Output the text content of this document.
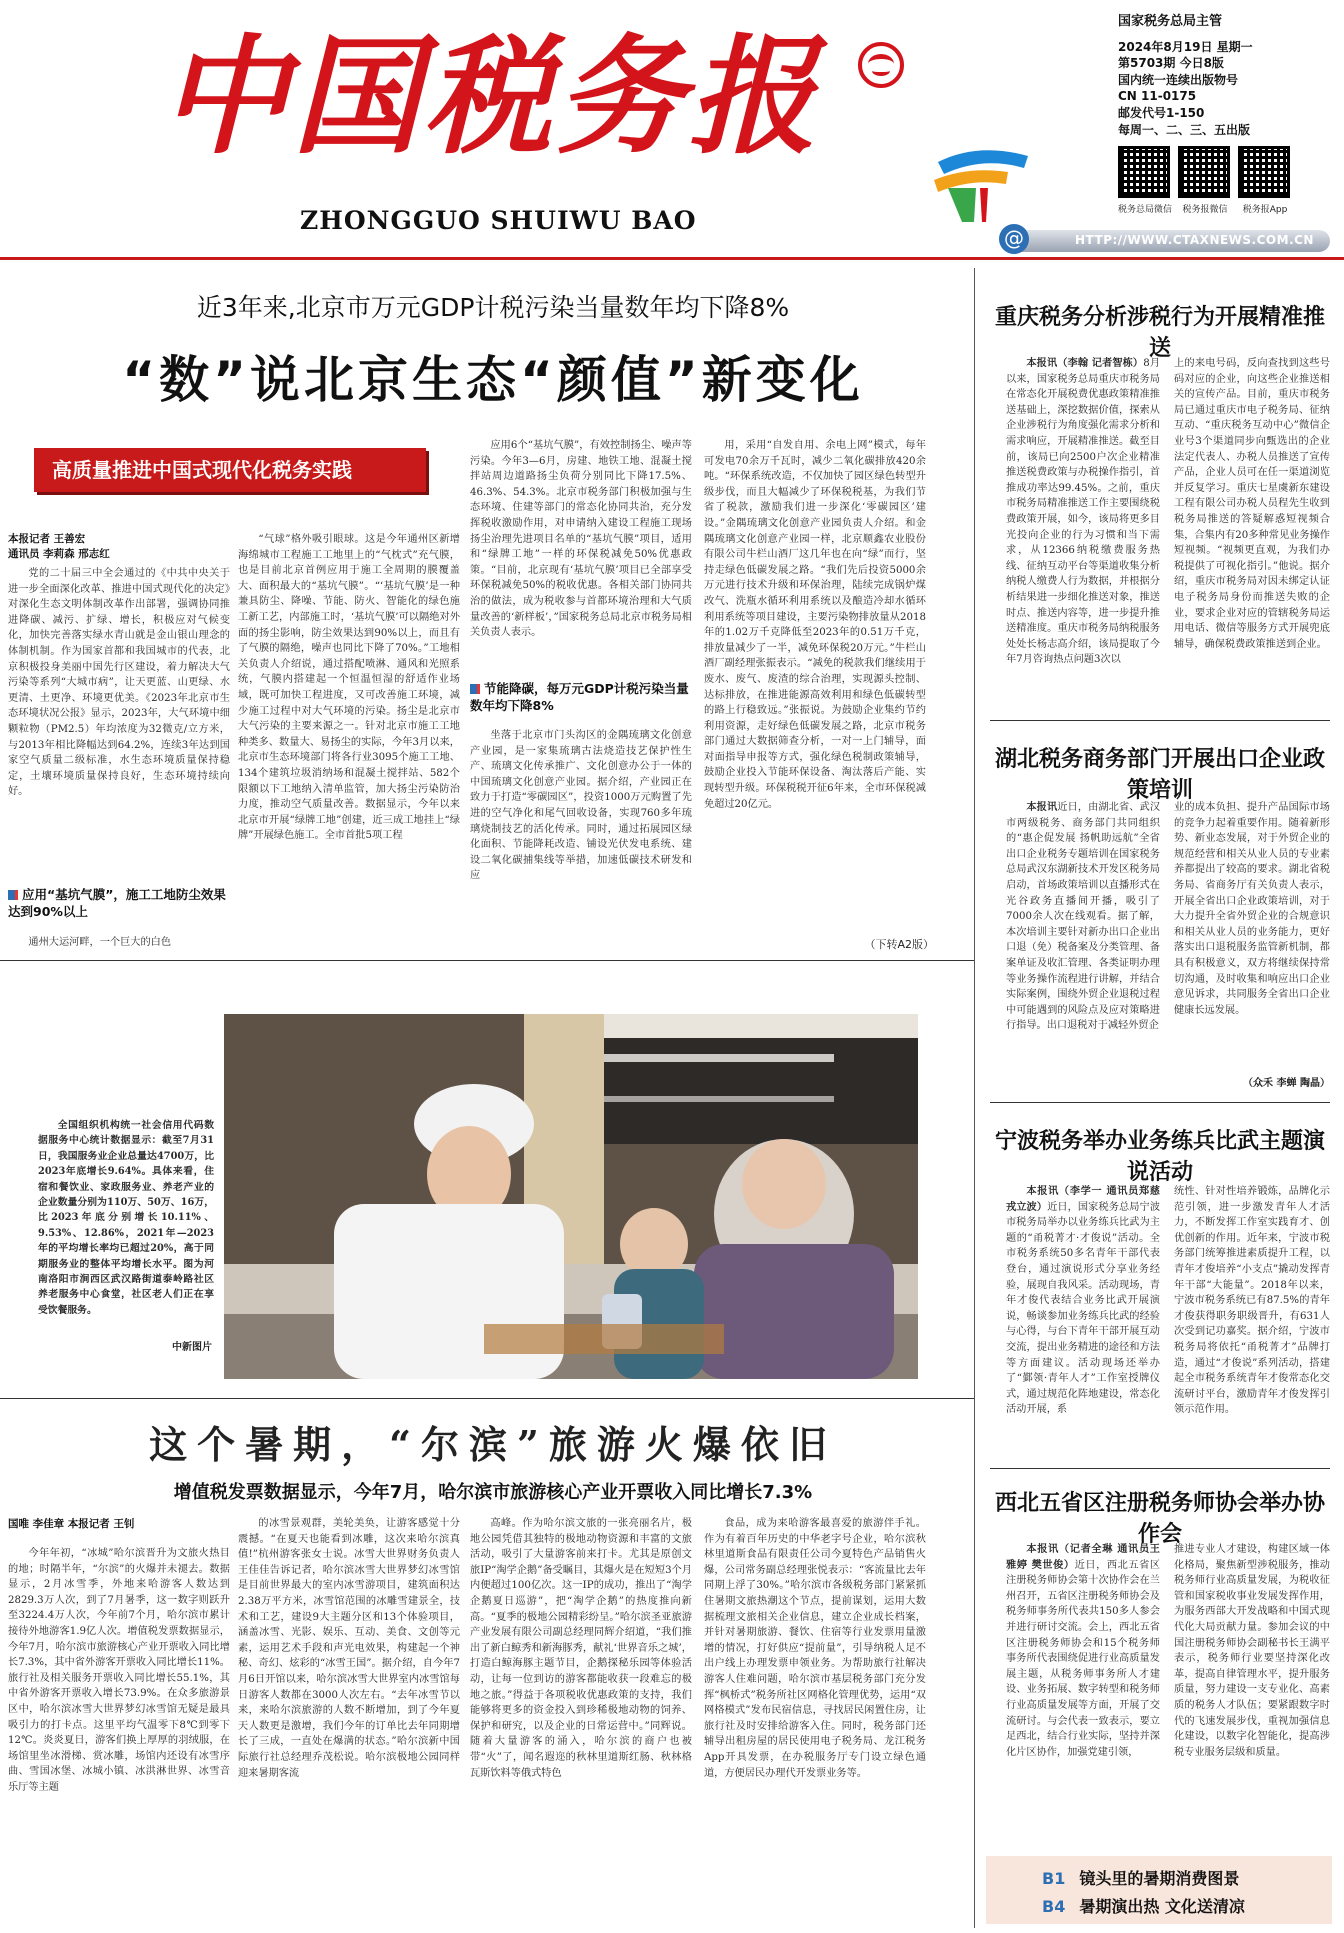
中国税务报
ZHONGGUO SHUIWU BAO
国家税务总局主管
2024年8月19日 星期一
第5703期 今日8版
国内统一连续出版物号
CN 11-0175
邮发代号1-150
每周一、二、三、五出版
税务总局微信	税务报微信	税务报App
@	HTTP://WWW.CTAXNEWS.COM.CN
近3年来,北京市万元GDP计税污染当量数年均下降8%
“数”说北京生态“颜值”新变化
高质量推进中国式现代化税务实践
本报记者 王善宏
通讯员 李莉森 邢志红
党的二十届三中全会通过的《中共中央关于进一步全面深化改革、推进中国式现代化的决定》对深化生态文明体制改革作出部署，强调协同推进降碳、减污、扩绿、增长，积极应对气候变化，加快完善落实绿水青山就是金山银山理念的体制机制。作为国家首都和我国城市的代表，北京积极投身美丽中国先行区建设，着力解决大气污染等系列“大城市病”，让天更蓝、山更绿、水更清、土更净、环境更优美。《2023年北京市生态环境状况公报》显示，2023年，大气环境中细颗粒物（PM2.5）年均浓度为32微克/立方米，与2013年相比降幅达到64.2%，连续3年达到国家空气质量二级标准，水生态环境质量保持稳定，土壤环境质量保持良好，生态环境持续向好。
应用“基坑气膜”，施工工地防尘效果达到90%以上
通州大运河畔，一个巨大的白色
“气球”格外吸引眼球。这是今年通州区新增海绵城市工程施工工地里上的“气枕式”充气膜，也是目前北京首例应用于施工全周期的膜覆盖大、面积最大的“基坑气膜”。“‘基坑气膜’是一种兼具防尘、降噪、节能、防火、智能化的绿色施工新工艺，内部施工时，‘基坑气膜’可以隔绝对外面的扬尘影响，防尘效果达到90%以上，而且有了气膜的隔绝，噪声也同比下降了70%。”工地相关负责人介绍说，通过搭配喷淋、通风和光照系统，气膜内搭建起一个恒温恒湿的舒适作业场域，既可加快工程进度，又可改善施工环境，减少施工过程中对大气环境的污染。扬尘是北京市大气污染的主要来源之一。针对北京市施工工地种类多、数量大、易扬尘的实际，今年3月以来，北京市生态环境部门将各行业3095个施工工地、134个建筑垃圾消纳场和混凝土搅拌站、582个限额以下工地纳入清单监管，加大扬尘污染防治力度，推动空气质量改善。数据显示，今年以来北京市开展“绿牌工地”创建，近三成工地挂上“绿牌”开展绿色施工。全市首批5项工程
应用6个“基坑气膜”，有效控制扬尘、噪声等污染。今年3—6月，房建、地铁工地、混凝土搅拌站周边道路扬尘负荷分别同比下降17.5%、46.3%、54.3%。北京市税务部门积极加强与生态环境、住建等部门的常态化协同共治，充分发挥税收激励作用，对申请纳入建设工程施工现场扬尘治理先进项目名单的“基坑气膜”项目，适用和“绿牌工地”一样的环保税减免50%优惠政策。“目前，北京现有‘基坑气膜’项目已全部享受环保税减免50%的税收优惠。各相关部门协同共治的做法，成为税收参与首都环境治理和大气质量改善的‘新样板’，”国家税务总局北京市税务局相关负责人表示。
节能降碳，每万元GDP计税污染当量数年均下降8%
坐落于北京市门头沟区的金隅琉璃文化创意产业园，是一家集琉璃古法烧造技艺保护性生产、琉璃文化传承推广、文化创意办公于一体的中国琉璃文化创意产业园。据介绍，产业园正在致力于打造“零碳园区”，投资1000万元购置了先进的空气净化和尾气回收设备，实现760多年琉璃烧制技艺的活化传承。同时，通过拓展园区绿化面积、节能降耗改造、铺设光伏发电系统、建设二氧化碳捕集线等举措，加速低碳技术研发和应
用，采用“自发自用、余电上网”模式，每年可发电70余万千瓦时，减少二氧化碳排放420余吨。“环保系统改造，不仅加快了园区绿色转型升级步伐，而且大幅减少了环保税税基，为我们节省了税款，激励我们进一步深化‘零碳园区’建设。”金隅琉璃文化创意产业园负责人介绍。和金隅琉璃文化创意产业园一样，北京顺鑫农业股份有限公司牛栏山酒厂这几年也在向“绿”而行，坚持走绿色低碳发展之路。“我们先后投资5000余万元进行技术升级和环保治理，陆续完成锅炉煤改气、洗瓶水循环利用系统以及酿造冷却水循环利用系统等项目建设，主要污染物排放量从2018年的1.02万千克降低至2023年的0.51万千克，排放量减少了一半，减免环保税20万元。”牛栏山酒厂副经理张振表示。“减免的税款我们继续用于废水、废气、废渣的综合治理，实现源头控制、达标排放，在推进能源高效利用和绿色低碳转型的路上行稳致远。”张振说。为鼓励企业集约节约利用资源，走好绿色低碳发展之路，北京市税务部门通过大数据筛查分析，一对一上门辅导，面对面指导申报等方式，强化绿色税制政策辅导，鼓励企业投入节能环保设备、淘汰落后产能、实现转型升级。环保税税开征6年来，全市环保税减免超过20亿元。
（下转A2版）
全国组织机构统一社会信用代码数据服务中心统计数据显示：截至7月31日，我国服务业企业总量达4700万，比2023年底增长9.64%。具体来看，住宿和餐饮业、家政服务业、养老产业的企业数量分别为110万、50万、16万，比2023年底分别增长10.11%、9.53%、12.86%，2021年—2023年的平均增长率均已超过20%，高于同期服务业的整体平均增长水平。图为河南洛阳市涧西区武汉路街道泰岭路社区养老服务中心食堂，社区老人们正在享受饮餐服务。
中新图片
这个暑期，“尔滨”旅游火爆依旧
增值税发票数据显示，今年7月，哈尔滨市旅游核心产业开票收入同比增长7.3%
国唯 李佳章 本报记者 王钊
今年年初，“冰城”哈尔滨晋升为文旅火热目的地；时隔半年，“尔滨”的火爆并未褪去。数据显示，2月冰雪季，外地来哈游客人数达到2829.3万人次，到了7月暑季，这一数字则跃升至3224.4万人次，今年前7个月，哈尔滨市累计接待外地游客1.9亿人次。增值税发票数据显示，今年7月，哈尔滨市旅游核心产业开票收入同比增长7.3%，其中省外游客开票收入同比增长11%。旅行社及相关服务开票收入同比增长55.1%，其中省外游客开票收入增长73.9%。在众多旅游景区中，哈尔滨冰雪大世界梦幻冰雪馆无疑是最具吸引力的打卡点。这里平均气温零下8℃到零下12℃。炎炎夏日，游客们换上厚厚的羽绒服，在场馆里坐冰滑梯、赏冰雕，场馆内还设有冰雪序曲、雪国冰堡、冰城小镇、冰洪淋世界、冰雪音乐厅等主题
的冰雪景观群，美轮美奂，让游客感觉十分震撼。“在夏天也能看到冰雕，这次来哈尔滨真值!”杭州游客张女士说。冰雪大世界财务负责人王佳佳告诉记者，哈尔滨冰雪大世界梦幻冰雪馆是目前世界最大的室内冰雪游项目，建筑面积达2.38万平方米，冰雪馆范围的冰雕雪建景全，技术和工艺，建设9大主题分区和13个体验项目，涵盖冰雪、光影、娱乐、互动、美食、文创等元素，运用艺术手段和声光电效果，构建起一个神秘、奇幻、炫彩的“冰雪王国”。据介绍，自今年7月6日开馆以来，哈尔滨冰雪大世界室内冰雪馆每日游客人数都在3000人次左右。“去年冰雪节以来，来哈尔滨旅游的人数不断增加，到了今年夏天人数更是激增，我们今年的订单比去年同期增长了三成，一直处在爆满的状态。”哈尔滨新中国际旅行社总经理乔茂松说。哈尔滨极地公园同样迎来暑期客流
高峰。作为哈尔滨文旅的一张亮丽名片，极地公园凭借其独特的极地动物资源和丰富的文旅活动，吸引了大量游客前来打卡。尤其是原创文旅IP“淘学企鹅”备受瞩目，其爆火是在短短3个月内便超过100亿次。这一IP的成功，推出了“淘学企鹅夏日巡游”，把“淘学企鹅”的热度推向新高。“夏季的极地公园精彩纷呈。”哈尔滨圣亚旅游产业发展有限公司副总经理同辉介绍道，“我们推出了新白鲸秀和新海豚秀，献礼‘世界音乐之城’，打造白鲸海豚主题节目，企鹅探秘乐园等体验活动，让每一位到访的游客都能收获一段难忘的极地之旅。”得益于各项税收优惠政策的支持，我们能够将更多的资金投入到珍稀极地动物的饲养、保护和研究，以及企业的日常运营中。”同辉说。随着大量游客的涌入，哈尔滨的商户也被带“火”了，闻名遐迩的秋林里道斯红肠、秋林格瓦斯饮料等俄式特色
食品，成为来哈游客最喜爱的旅游伴手礼。作为有着百年历史的中华老字号企业，哈尔滨秋林里道斯食品有限责任公司今夏特色产品销售火爆，公司常务副总经理张悦表示：“客流量比去年同期上浮了30%。”哈尔滨市各级税务部门紧紧抓住暑期文旅热潮这个节点，提前谋划，运用大数据梳理文旅相关企业信息，建立企业成长档案，并针对暑期旅游、餐饮、住宿等行业发票用量激增的情况，打好供应“提前量”，引导纳税人足不出户线上办理发票申领业务。为帮助旅行社解决游客人住难问题，哈尔滨市基层税务部门充分发挥“枫桥式”税务所社区网格化管理优势，运用“双网格模式”发布民宿信息，寻找居民闲置住房，让旅行社及时安排给游客入住。同时，税务部门还辅导出租房屋的居民使用电子税务局、龙江税务App开具发票，在办税服务厅专门设立绿色通道，方便居民办理代开发票业务等。
重庆税务分析涉税行为开展精准推送
本报讯（李翰 记者智栋）8月以来，国家税务总局重庆市税务局在常态化开展税费优惠政策精准推送基础上，深挖数据价值，探索从企业涉税行为角度强化需求分析和需求响应，开展精准推送。截至目前，该局已向2500户次企业精准推送税费政策与办税操作指引，首推成功率达99.45%。之前，重庆市税务局精准推送工作主要围绕税费政策开展，如今，该局将更多目光投向企业的行为习惯和当下需求，从12366纳税缴费服务热线、征纳互动平台等渠道收集分析纳税人缴费人行为数据，并根据分析结果进一步细化推送对象，推送时点、推送内容等，进一步提升推送精准度。重庆市税务局纳税服务处处长杨志高介绍，该局提取了今年7月咨询热点问题3次以
上的来电号码，反向查找到这些号码对应的企业，向这些企业推送相关的宣传产品。目前，重庆市税务局已通过重庆市电子税务局、征纳互动、“重庆税务互动中心”微信企业号3个渠道同步向甄选出的企业法定代表人、办税人员推送了宣传产品，企业人员可在任一渠道浏览并反复学习。重庆七星虞新东建设工程有限公司办税人员程先生收到税务局推送的答疑解惑短视频合集，合集内有20多种常见业务操作短视频。“视频更直观，为我们办税提供了可视化指引。”他说。据介绍，重庆市税务局对因未绑定认证电子税务局身份而推送失败的企业，要求企业对应的管辖税务局运用电话、微信等服务方式开展兜底辅导，确保税费政策推送到企业。
湖北税务商务部门开展出口企业政策培训
本报讯近日，由湖北省、武汉市两级税务、商务部门共同组织的“惠企促发展 扬帆助远航”全省出口企业税务专题培训在国家税务总局武汉东湖新技术开发区税务局启动，首场政策培训以直播形式在光谷政务直播间开播，吸引了7000余人次在线观看。据了解，本次培训主要针对新办出口企业出口退（免）税备案及分类管理、备案单证及收汇管理、各类证明办理等业务操作流程进行讲解，并结合实际案例，围绕外贸企业退税过程中可能遇到的风险点及应对策略进行指导。出口退税对于减轻外贸企
业的成本负担、提升产品国际市场的竞争力起着重要作用。随着新形势、新业态发展，对于外贸企业的规范经营和相关从业人员的专业素养都提出了较高的要求。湖北省税务局、省商务厅有关负责人表示，开展全省出口企业政策培训，对于大力提升全省外贸企业的合规意识和相关从业人员的业务能力，更好落实出口退税服务监管新机制，都具有积极意义，双方将继续保持常切沟通，及时收集和响应出口企业意见诉求，共同服务全省出口企业健康长远发展。
（众禾 李蝉 陶晶）
宁波税务举办业务练兵比武主题演说活动
本报讯（李学一 通讯员郑慈 戎立波）近日，国家税务总局宁波市税务局举办以业务练兵比武为主题的“甬税菁才·才俊说”活动。全市税务系统50多名青年干部代表登台，通过演说形式分享业务经验，展现自我风采。活动现场，青年才俊代表结合业务比武开展演说，畅谈参加业务练兵比武的经验与心得，与台下青年干部开展互动交流，提出业务精进的途径和方法等方面建议。活动现场还举办了“鄞领·青年人才”工作室授牌仪式，通过规范化阵地建设，常态化活动开展，系
统性、针对性培养锻炼，品牌化示范引领，进一步激发青年人才活力，不断发挥工作室实践育才、创优创新的作用。近年来，宁波市税务部门统筹推进素质提升工程，以青年才俊培养“小支点”撬动发挥青年干部“大能量”。2018年以来，宁波市税务系统已有87.5%的青年才俊获得职务职级晋升，有631人次受到记功嘉奖。据介绍，宁波市税务局将依托“甬税菁才”品牌打造，通过“才俊说”系列活动，搭建起全市税务系统青年才俊常态化交流研讨平台，激励青年才俊发挥引领示范作用。
西北五省区注册税务师协会举办协作会
本报讯（记者全琳 通讯员王雅婷 樊世俊）近日，西北五省区注册税务师协会第十次协作会在兰州召开，五省区注册税务师协会及税务师事务所代表共150多人参会并进行研讨交流。会上，西北五省区注册税务师协会和15个税务师事务所代表围绕促进行业高质量发展主题，从税务师事务所人才建设、业务拓展、数字转型和税务师行业高质量发展等方面，开展了交流研讨。与会代表一致表示，要立足西北，结合行业实际，坚持并深化片区协作，加强党建引领，
推进专业人才建设，构建区域一体化格局，聚焦新型涉税服务，推动税务师行业高质量发展，为税收征管和国家税收事业发展发挥作用，为服务西部大开发战略和中国式现代化大局贡献力量。参加会议的中国注册税务师协会副秘书长王满平表示，税务师行业要坚持深化改革，提高自律管理水平，提升服务质量，努力建设一支专业化、高素质的税务人才队伍；要紧跟数字时代的飞速发展步伐，重视加强信息化建设，以数字化智能化，提高涉税专业服务层级和质量。
B1 镜头里的暑期消费图景
B4 暑期演出热 文化送清凉
